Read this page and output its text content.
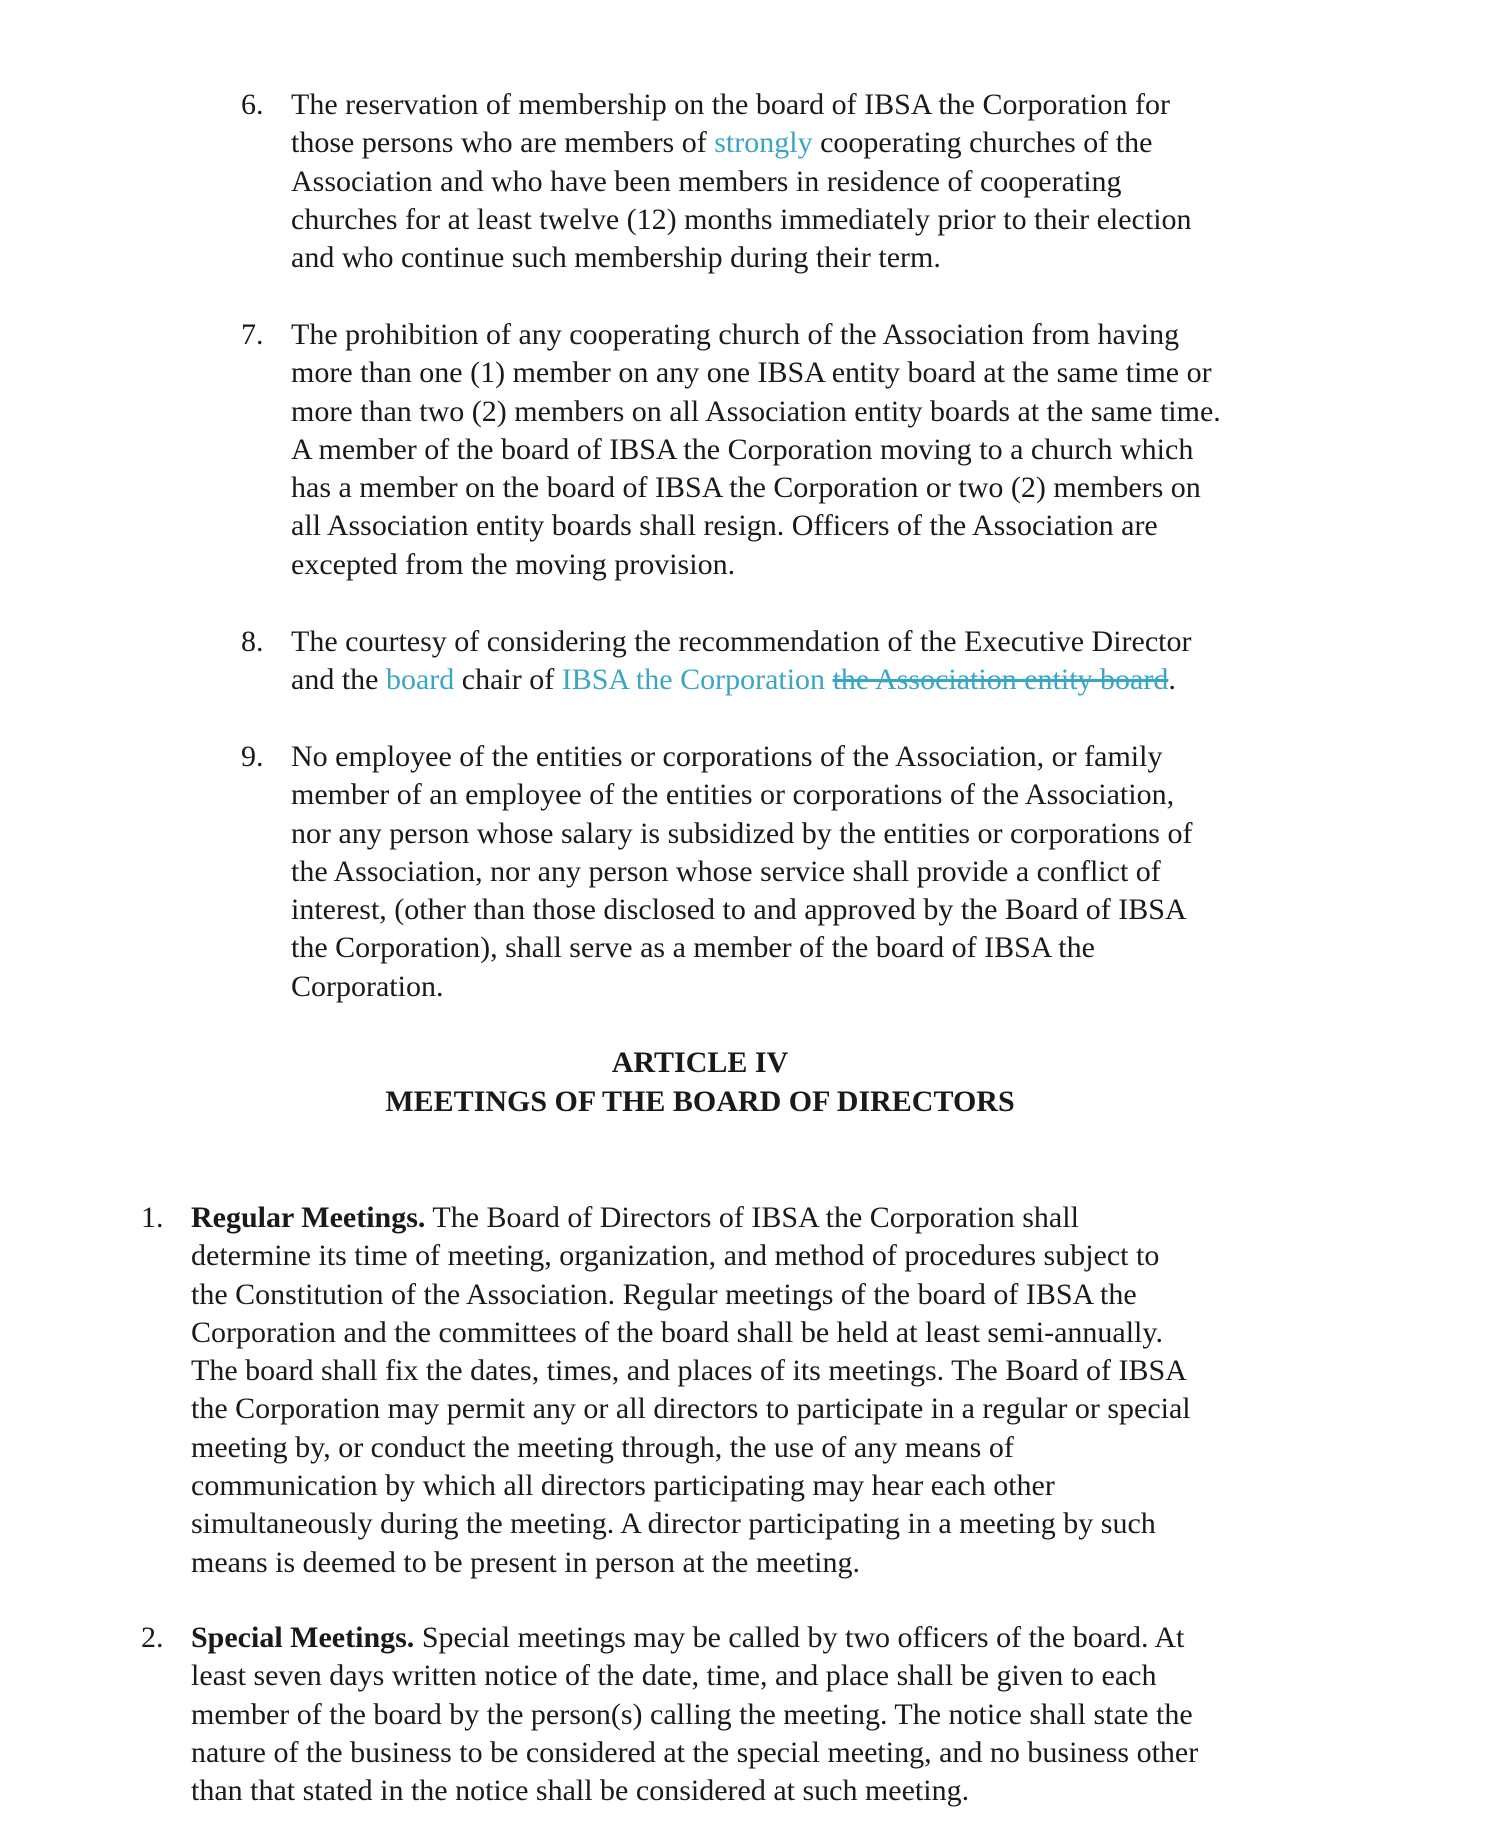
6. The reservation of membership on the board of IBSA the Corporation for
those persons who are members of strongly cooperating churches of the
Association and who have been members in residence of cooperating
churches for at least twelve (12) months immediately prior to their election
and who continue such membership during their term.
7. The prohibition of any cooperating church of the Association from having
more than one (1) member on any one IBSA entity board at the same time or
more than two (2) members on all Association entity boards at the same time.
A member of the board of IBSA the Corporation moving to a church which
has a member on the board of IBSA the Corporation or two (2) members on
all Association entity boards shall resign. Officers of the Association are
excepted from the moving provision.
8. The courtesy of considering the recommendation of the Executive Director
and the board chair of IBSA the Corporation the Association entity board.
9. No employee of the entities or corporations of the Association, or family
member of an employee of the entities or corporations of the Association,
nor any person whose salary is subsidized by the entities or corporations of
the Association, nor any person whose service shall provide a conflict of
interest, (other than those disclosed to and approved by the Board of IBSA
the Corporation), shall serve as a member of the board of IBSA the
Corporation.
ARTICLE IV
MEETINGS OF THE BOARD OF DIRECTORS
1. Regular Meetings. The Board of Directors of IBSA the Corporation shall
determine its time of meeting, organization, and method of procedures subject to
the Constitution of the Association. Regular meetings of the board of IBSA the
Corporation and the committees of the board shall be held at least semi-annually.
The board shall fix the dates, times, and places of its meetings. The Board of IBSA
the Corporation may permit any or all directors to participate in a regular or special
meeting by, or conduct the meeting through, the use of any means of
communication by which all directors participating may hear each other
simultaneously during the meeting. A director participating in a meeting by such
means is deemed to be present in person at the meeting.
2. Special Meetings. Special meetings may be called by two officers of the board. At
least seven days written notice of the date, time, and place shall be given to each
member of the board by the person(s) calling the meeting. The notice shall state the
nature of the business to be considered at the special meeting, and no business other
than that stated in the notice shall be considered at such meeting.
